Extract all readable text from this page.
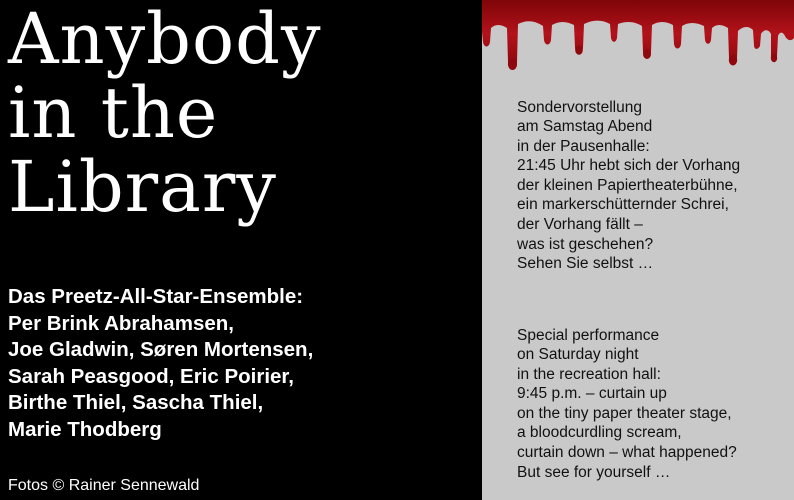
Anybody
in the
Library

Das Preetz-All-Star-Ensemble:
Per Brink Abrahamsen,
Joe Gladwin, Søren Mortensen,
Sarah Peasgood, Eric Poirier,
Birthe Thiel, Sascha Thiel,
Marie Thodberg

Fotos © Rainer Sennewald

Sondervorstellung
am Samstag Abend
in der Pausenhalle:
21:45 Uhr hebt sich der Vorhang
der kleinen Papiertheaterbühne,
ein markerschütternder Schrei,
der Vorhang fällt –
was ist geschehen?
Sehen Sie selbst …

Special performance
on Saturday night
in the recreation hall:
9:45 p.m. – curtain up
on the tiny paper theater stage,
a bloodcurdling scream,
curtain down – what happened?
But see for yourself …
